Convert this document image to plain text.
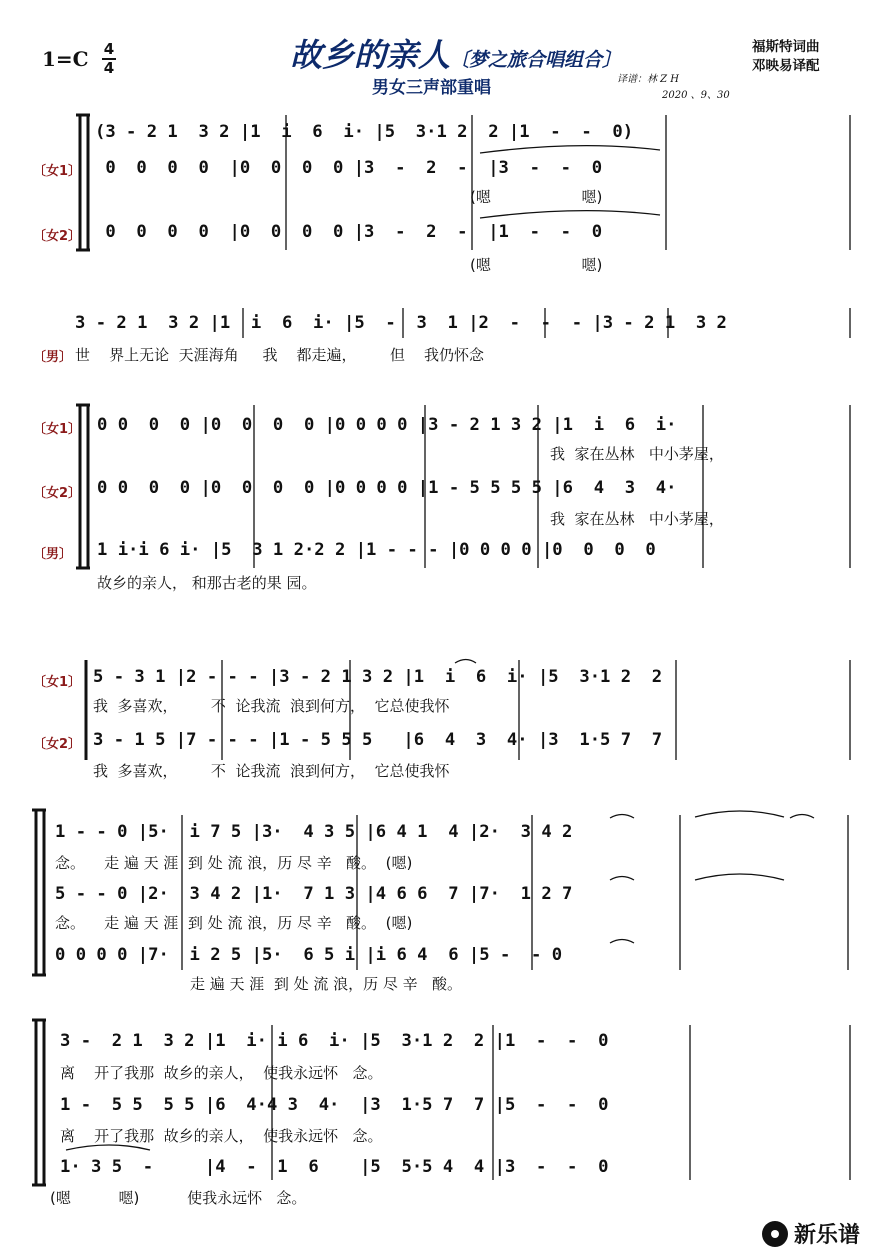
1=C 4
4	故乡的亲人〔梦之旅合唱组合〕
男女三声部重唱
福斯特词曲
邓映易译配
译谱：林 Z H
2020 、9、30
〔女1〕
〔女2〕
(3 - 2 1  3 2 |1  i  6  i· |5  3·1 2  2 |1  -  -  0)
0  0  0  0  |0  0  0  0 |3  -  2  -  |3  -  -  0
(嗯                   嗯)
0  0  0  0  |0  0  0  0 |3  -  2  -  |1  -  -  0
(嗯                   嗯)
3 - 2 1  3 2 |1  i  6  i· |5  -  3  1 |2  -  -  - |3 - 2 1  3 2
〔男〕 世    界上无论  天涯海角     我    都走遍，       但    我仍怀念
〔女1〕
〔女2〕
〔男〕
0 0  0  0 |0  0  0  0 |0 0 0 0 |3 - 2 1 3 2 |1  i  6  i·
我  家在丛林   中小茅屋，
0 0  0  0 |0  0  0  0 |0 0 0 0 |1 - 5 5 5 5 |6  4  3  4·
我  家在丛林   中小茅屋，
1 i·i 6 i· |5  3 1 2·2 2 |1 - - - |0 0 0 0 |0  0  0  0
故乡的亲人， 和那古老的果 园。
〔女1〕
〔女2〕
5 - 3 1 |2 - - - |3 - 2 1 3 2 |1  i  6  i· |5  3·1 2  2
我  多喜欢，       不  论我流  浪到何方，  它总使我怀
3 - 1 5 |7 - - - |1 - 5 5 5   |6  4  3  4· |3  1·5 7  7
我  多喜欢，       不  论我流  浪到何方，  它总使我怀
1 - - 0 |5·  i 7 5 |3·  4 3 5 |6 4 1  4 |2·  3 4 2
念。    走 遍 天 涯  到 处 流 浪，历 尽 辛   酸。  (嗯)
5 - - 0 |2·  3 4 2 |1·  7 1 3 |4 6 6  7 |7·  1 2 7
念。    走 遍 天 涯  到 处 流 浪，历 尽 辛   酸。  (嗯)
0 0 0 0 |7·  i 2 5 |5·  6 5 i |i 6 4  6 |5 -  - 0
走 遍 天 涯  到 处 流 浪，历 尽 辛   酸。
3 -  2 1  3 2 |1  i· i 6  i· |5  3·1 2  2 |1  -  -  0
离    开了我那  故乡的亲人，  使我永远怀   念。
1 -  5 5  5 5 |6  4·4 3  4·  |3  1·5 7  7 |5  -  -  0
离    开了我那  故乡的亲人，  使我永远怀   念。
1· 3 5  -     |4  -  1  6    |5  5·5 4  4 |3  -  -  0
(嗯          嗯)          使我永远怀   念。
新乐谱
